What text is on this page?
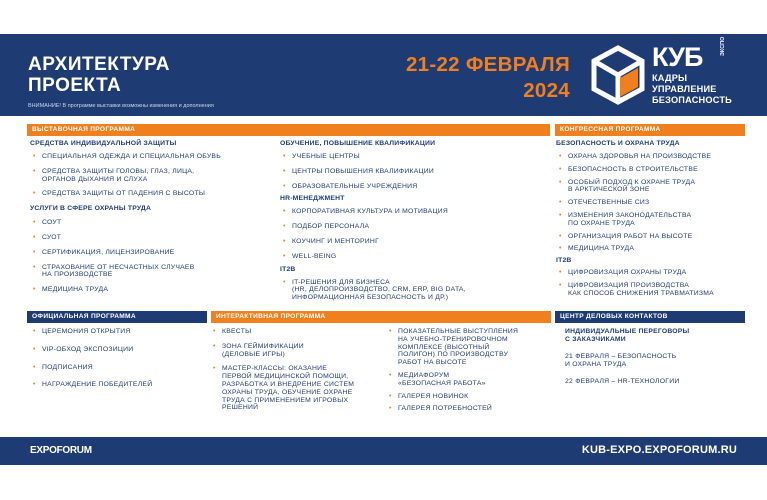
АРХИТЕКТУРА
ПРОЕКТА
ВНИМАНИЕ! В программе выставки возможны изменения и дополнения
21-22 ФЕВРАЛЯ
2024
КУБ	ЭКСПО
КАДРЫ
УПРАВЛЕНИЕ
БЕЗОПАСНОСТЬ
ВЫСТАВОЧНАЯ ПРОГРАММА
СРЕДСТВА ИНДИВИДУАЛЬНОЙ ЗАЩИТЫ
• СПЕЦИАЛЬНАЯ ОДЕЖДА И СПЕЦИАЛЬНАЯ ОБУВЬ
• СРЕДСТВА ЗАЩИТЫ ГОЛОВЫ, ГЛАЗ, ЛИЦА,
ОРГАНОВ ДЫХАНИЯ И СЛУХА
• СРЕДСТВА ЗАЩИТЫ ОТ ПАДЕНИЯ С ВЫСОТЫ
УСЛУГИ В СФЕРЕ ОХРАНЫ ТРУДА
• СОУТ
• СУОТ
• СЕРТИФИКАЦИЯ, ЛИЦЕНЗИРОВАНИЕ
• СТРАХОВАНИЕ ОТ НЕСЧАСТНЫХ СЛУЧАЕВ
НА ПРОИЗВОДСТВЕ
• МЕДИЦИНА ТРУДА
ОБУЧЕНИЕ, ПОВЫШЕНИЕ КВАЛИФИКАЦИИ
• УЧЕБНЫЕ ЦЕНТРЫ
• ЦЕНТРЫ ПОВЫШЕНИЯ КВАЛИФИКАЦИИ
• ОБРАЗОВАТЕЛЬНЫЕ УЧРЕЖДЕНИЯ
HR-МЕНЕДЖМЕНТ
• КОРПОРАТИВНАЯ КУЛЬТУРА И МОТИВАЦИЯ
• ПОДБОР ПЕРСОНАЛА
• КОУЧИНГ И МЕНТОРИНГ
• WELL-BEING
IT2B
• IT-РЕШЕНИЯ ДЛЯ БИЗНЕСА
(HR, ДЕЛОПРОИЗВОДСТВО, CRM, ERP, BIG DATA,
ИНФОРМАЦИОННАЯ БЕЗОПАСНОСТЬ И ДР.)
КОНГРЕССНАЯ ПРОГРАММА
БЕЗОПАСНОСТЬ И ОХРАНА ТРУДА
• ОХРАНА ЗДОРОВЬЯ НА ПРОИЗВОДСТВЕ
• БЕЗОПАСНОСТЬ В СТРОИТЕЛЬСТВЕ
• ОСОБЫЙ ПОДХОД К ОХРАНЕ ТРУДА
В АРКТИЧЕСКОЙ ЗОНЕ
• ОТЕЧЕСТВЕННЫЕ СИЗ
• ИЗМЕНЕНИЯ ЗАКОНОДАТЕЛЬСТВА
ПО ОХРАНЕ ТРУДА
• ОРГАНИЗАЦИЯ РАБОТ НА ВЫСОТЕ
• МЕДИЦИНА ТРУДА
IT2B
• ЦИФРОВИЗАЦИЯ ОХРАНЫ ТРУДА
• ЦИФРОВИЗАЦИЯ ПРОИЗВОДСТВА
КАК СПОСОБ СНИЖЕНИЯ ТРАВМАТИЗМА
ОФИЦИАЛЬНАЯ ПРОГРАММА
• ЦЕРЕМОНИЯ ОТКРЫТИЯ
• VIP-ОБХОД ЭКСПОЗИЦИИ
• ПОДПИСАНИЯ
• НАГРАЖДЕНИЕ ПОБЕДИТЕЛЕЙ
ИНТЕРАКТИВНАЯ ПРОГРАММА
• КВЕСТЫ
• ЗОНА ГЕЙМИФИКАЦИИ
(ДЕЛОВЫЕ ИГРЫ)
• МАСТЕР-КЛАССЫ: ОКАЗАНИЕ
ПЕРВОЙ МЕДИЦИНСКОЙ ПОМОЩИ,
РАЗРАБОТКА И ВНЕДРЕНИЕ СИСТЕМ
ОХРАНЫ ТРУДА, ОБУЧЕНИЕ ОХРАНЕ
ТРУДА С ПРИМЕНЕНИЕМ ИГРОВЫХ
РЕШЕНИЙ
• ПОКАЗАТЕЛЬНЫЕ ВЫСТУПЛЕНИЯ
НА УЧЕБНО-ТРЕНИРОВОЧНОМ
КОМПЛЕКСЕ (ВЫСОТНЫЙ
ПОЛИГОН) ПО ПРОИЗВОДСТВУ
РАБОТ НА ВЫСОТЕ
• МЕДИАФОРУМ
«БЕЗОПАСНАЯ РАБОТА»
• ГАЛЕРЕЯ НОВИНОК
• ГАЛЕРЕЯ ПОТРЕБНОСТЕЙ
ЦЕНТР ДЕЛОВЫХ КОНТАКТОВ
ИНДИВИДУАЛЬНЫЕ ПЕРЕГОВОРЫ
С ЗАКАЗЧИКАМИ
21 ФЕВРАЛЯ – БЕЗОПАСНОСТЬ
И ОХРАНА ТРУДА
22 ФЕВРАЛЯ – HR-ТЕХНОЛОГИИ
EXPOFORUM	KUB-EXPO.EXPOFORUM.RU
